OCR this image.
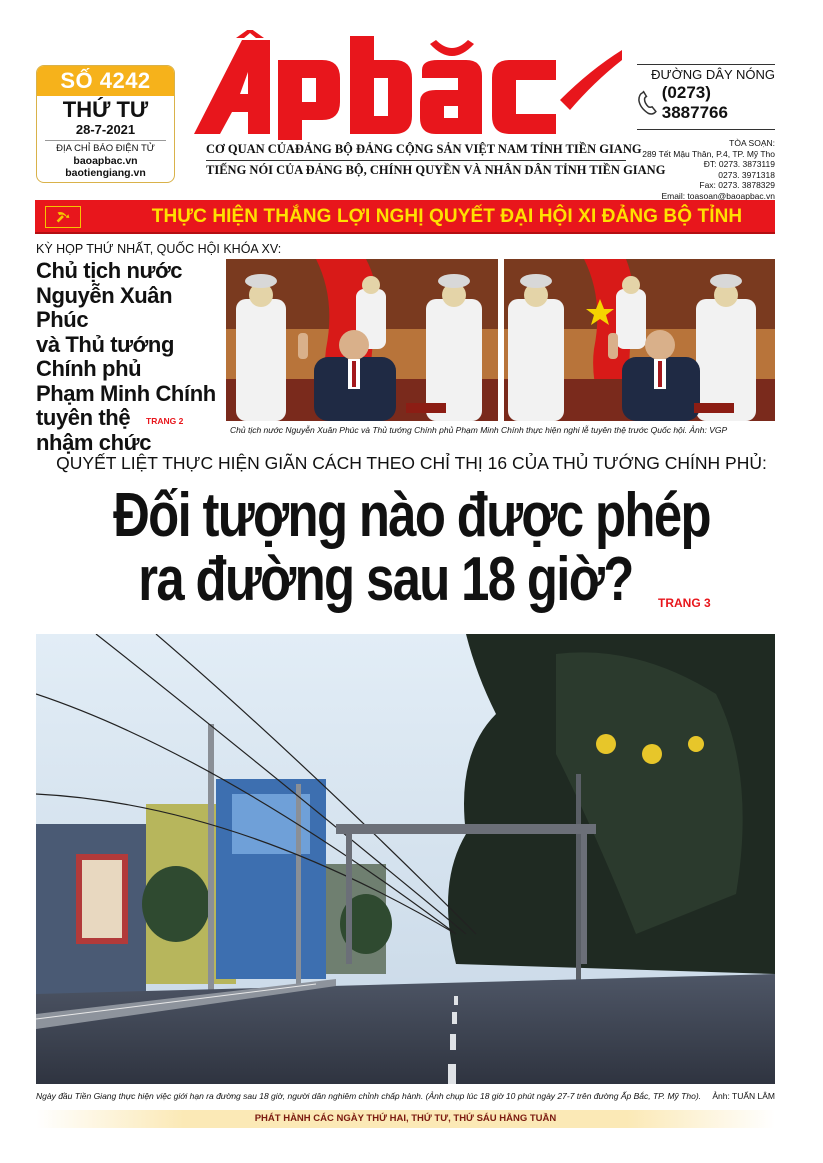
SỐ 4242
THỨ TƯ
28-7-2021
ĐỊA CHỈ BÁO ĐIỆN TỬ
baoapbac.vn
baotiengiang.vn
CƠ QUAN CỦA ĐẢNG BỘ ĐẢNG CỘNG SẢN VIỆT NAM TỈNH TIỀN GIANG
TIẾNG NÓI CỦA ĐẢNG BỘ, CHÍNH QUYỀN VÀ NHÂN DÂN TỈNH TIỀN GIANG
ĐƯỜNG DÂY NÓNG
(0273) 3887766
TÒA SOẠN:
289 Tết Mậu Thân, P.4, TP. Mỹ Tho
ĐT: 0273. 3873119
0273. 3971318
Fax: 0273. 3878329
Email: toasoan@baoapbac.vn
THỰC HIỆN THẮNG LỢI NGHỊ QUYẾT ĐẠI HỘI XI ĐẢNG BỘ TỈNH
KỲ HỌP THỨ NHẤT, QUỐC HỘI KHÓA XV:
Chủ tịch nước
Nguyễn Xuân Phúc
và Thủ tướng
Chính phủ
Phạm Minh Chính
tuyên thệ
nhậm chức
TRANG 2
Chủ tịch nước Nguyễn Xuân Phúc và Thủ tướng Chính phủ Phạm Minh Chính thực hiện nghi lễ tuyên thệ trước Quốc hội. Ảnh: VGP
QUYẾT LIỆT THỰC HIỆN GIÃN CÁCH THEO CHỈ THỊ 16 CỦA THỦ TƯỚNG CHÍNH PHỦ:
Đối tượng nào được phép
ra đường sau 18 giờ?	TRANG 3
Ngày đầu Tiền Giang thực hiện việc giới hạn ra đường sau 18 giờ, người dân nghiêm chỉnh chấp hành. (Ảnh chụp lúc 18 giờ 10 phút ngày 27-7 trên đường Ấp Bắc, TP. Mỹ Tho). Ảnh: TUẤN LÂM
PHÁT HÀNH CÁC NGÀY THỨ HAI, THỨ TƯ, THỨ SÁU HẰNG TUẦN
